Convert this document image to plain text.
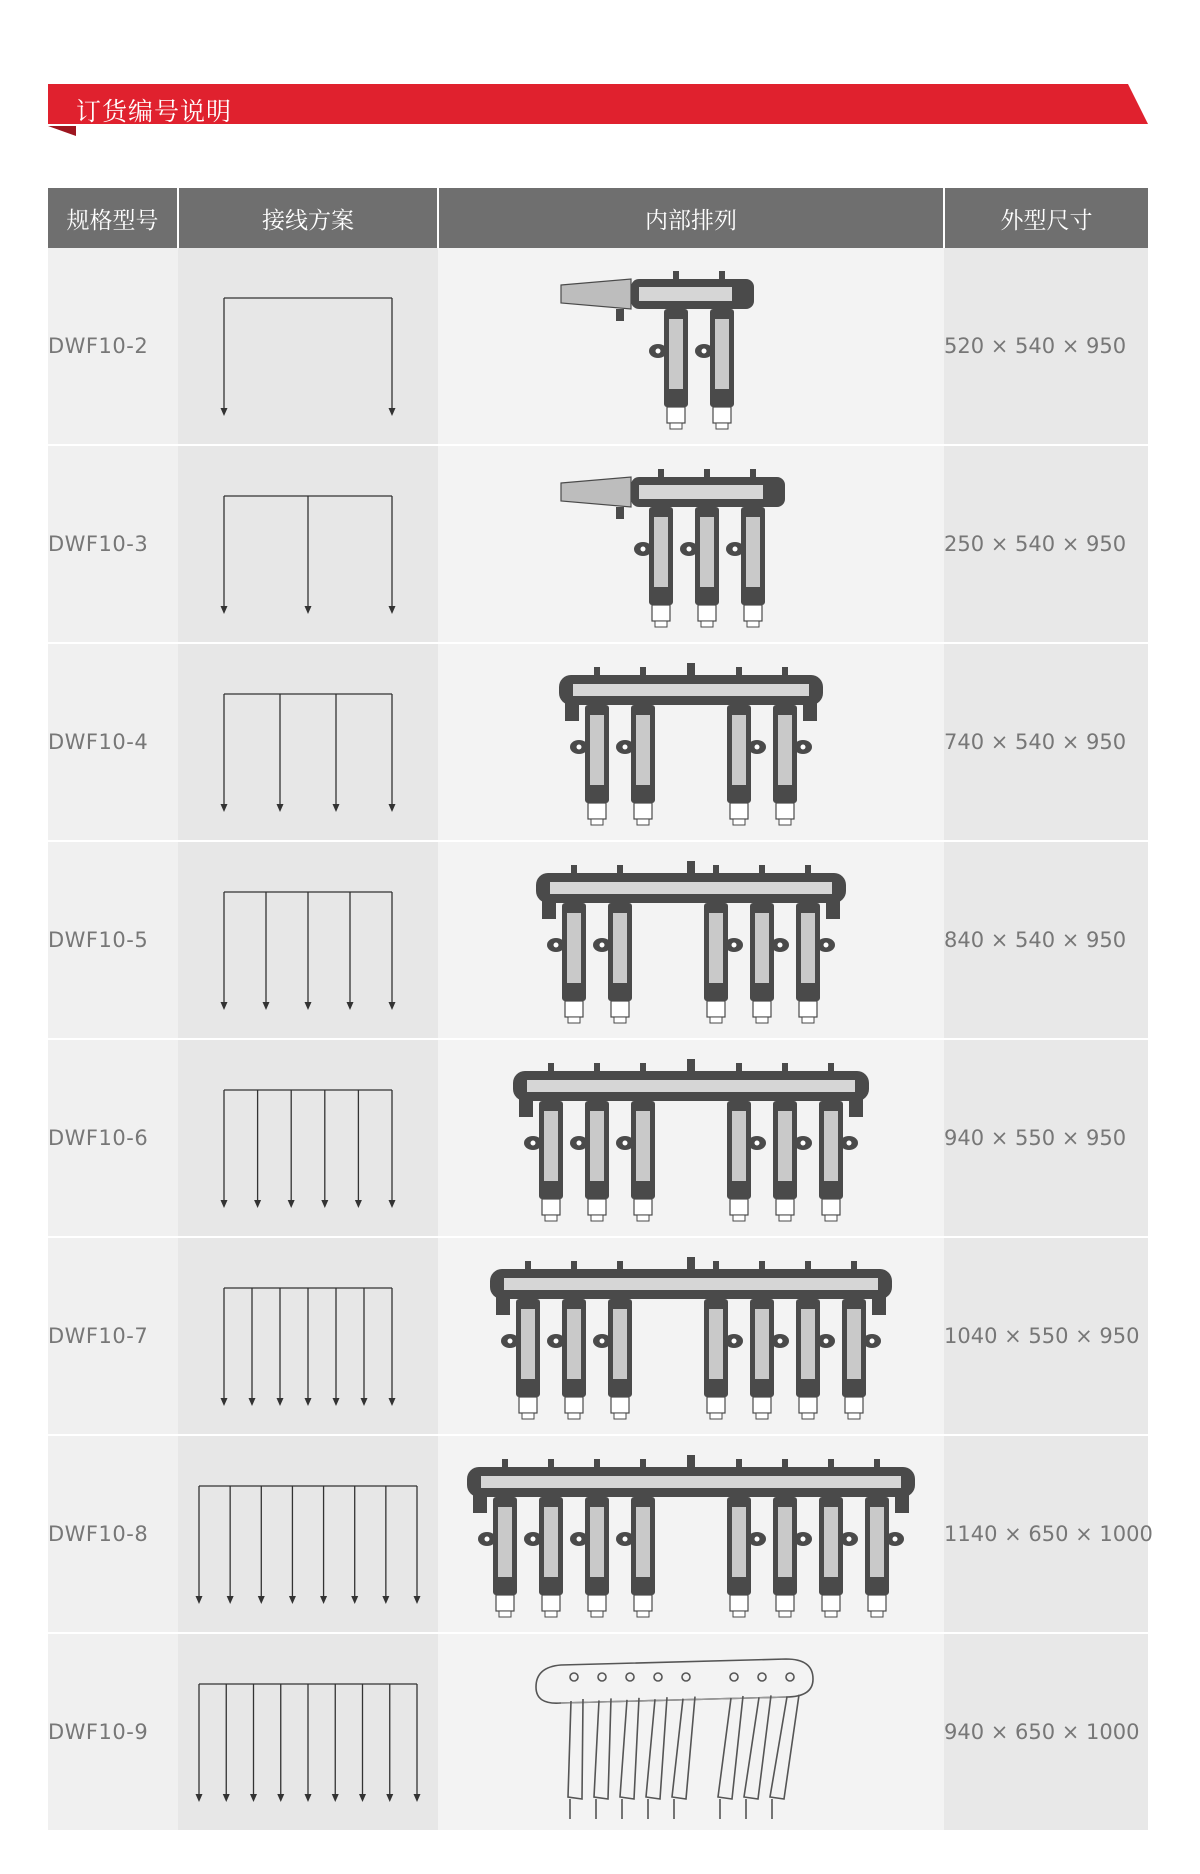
订货编号说明
规格型号	接线方案	内部排列	外型尺寸
DWF10-2			520 × 540 × 950
DWF10-3			250 × 540 × 950
DWF10-4			740 × 540 × 950
DWF10-5			840 × 540 × 950
DWF10-6			940 × 550 × 950
DWF10-7			1040 × 550 × 950
DWF10-8			1140 × 650 × 1000
DWF10-9			940 × 650 × 1000
